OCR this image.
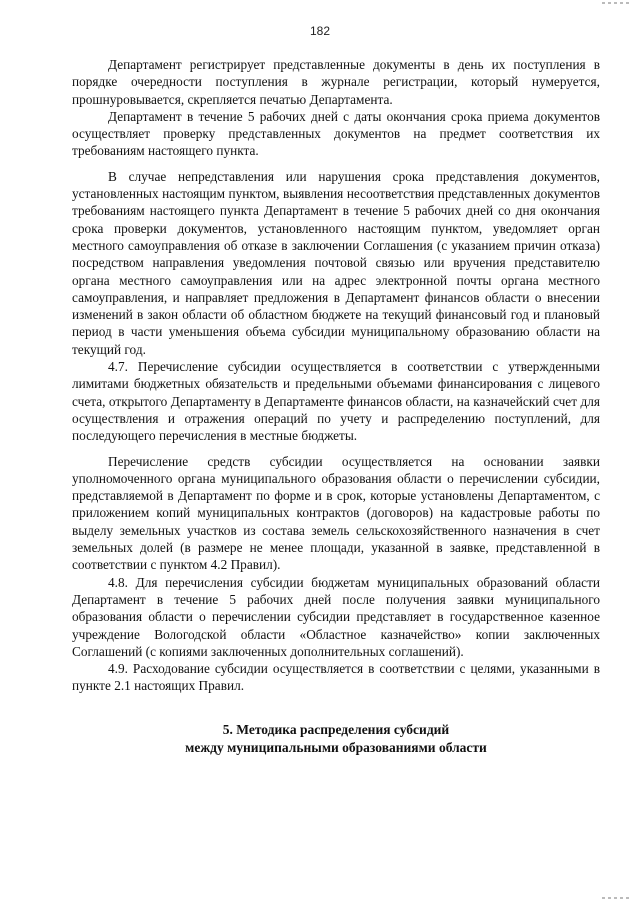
182

Департамент регистрирует представленные документы в день их поступления в порядке очередности поступления в журнале регистрации, который нумеруется, прошнуровывается, скрепляется печатью Департамента.

Департамент в течение 5 рабочих дней с даты окончания срока приема документов осуществляет проверку представленных документов на предмет соответствия их требованиям настоящего пункта.

В случае непредставления или нарушения срока представления документов, установленных настоящим пунктом, выявления несоответствия представленных документов требованиям настоящего пункта Департамент в течение 5 рабочих дней со дня окончания срока проверки документов, установленного настоящим пунктом, уведомляет орган местного самоуправления об отказе в заключении Соглашения (с указанием причин отказа) посредством направления уведомления почтовой связью или вручения представителю органа местного самоуправления или на адрес электронной почты органа местного самоуправления, и направляет предложения в Департамент финансов области о внесении изменений в закон области об областном бюджете на текущий финансовый год и плановый период в части уменьшения объема субсидии муниципальному образованию области на текущий год.

4.7. Перечисление субсидии осуществляется в соответствии с утвержденными лимитами бюджетных обязательств и предельными объемами финансирования с лицевого счета, открытого Департаменту в Департаменте финансов области, на казначейский счет для осуществления и отражения операций по учету и распределению поступлений, для последующего перечисления в местные бюджеты.

Перечисление средств субсидии осуществляется на основании заявки уполномоченного органа муниципального образования области о перечислении субсидии, представляемой в Департамент по форме и в срок, которые установлены Департаментом, с приложением копий муниципальных контрактов (договоров) на кадастровые работы по выделу земельных участков из состава земель сельскохозяйственного назначения в счет земельных долей (в размере не менее площади, указанной в заявке, представленной в соответствии с пунктом 4.2 Правил).

4.8. Для перечисления субсидии бюджетам муниципальных образований области Департамент в течение 5 рабочих дней после получения заявки муниципального образования области о перечислении субсидии представляет в государственное казенное учреждение Вологодской области «Областное казначейство» копии заключенных Соглашений (с копиями заключенных дополнительных соглашений).

4.9. Расходование субсидии осуществляется в соответствии с целями, указанными в пункте 2.1 настоящих Правил.

5. Методика распределения субсидий
между муниципальными образованиями области
